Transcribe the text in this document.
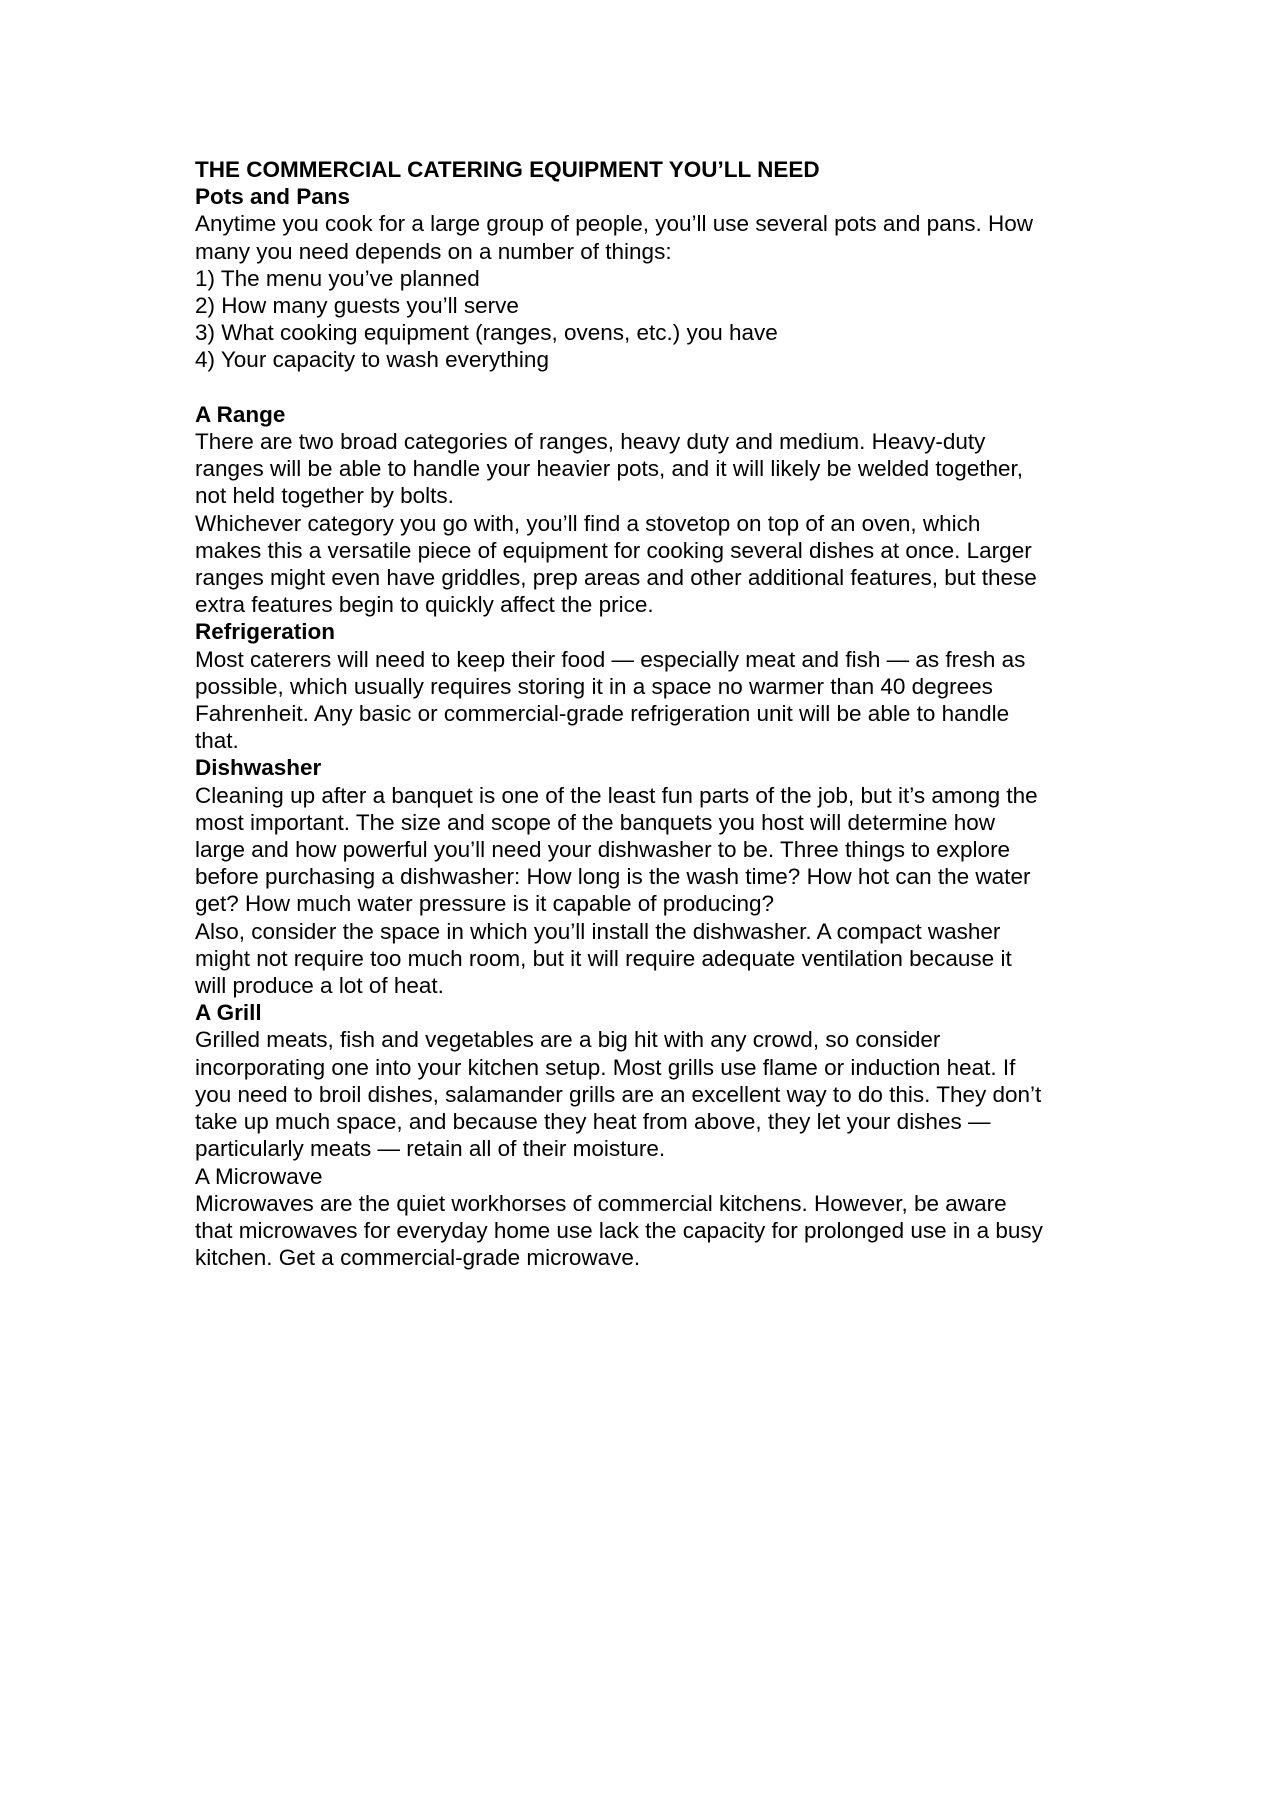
THE COMMERCIAL CATERING EQUIPMENT YOU’LL NEED
Pots and Pans
Anytime you cook for a large group of people, you’ll use several pots and pans. How
many you need depends on a number of things:
1) The menu you’ve planned
2) How many guests you’ll serve
3) What cooking equipment (ranges, ovens, etc.) you have
4) Your capacity to wash everything
A Range
There are two broad categories of ranges, heavy duty and medium. Heavy-duty
ranges will be able to handle your heavier pots, and it will likely be welded together,
not held together by bolts.
Whichever category you go with, you’ll find a stovetop on top of an oven, which
makes this a versatile piece of equipment for cooking several dishes at once. Larger
ranges might even have griddles, prep areas and other additional features, but these
extra features begin to quickly affect the price.
Refrigeration
Most caterers will need to keep their food — especially meat and fish — as fresh as
possible, which usually requires storing it in a space no warmer than 40 degrees
Fahrenheit. Any basic or commercial-grade refrigeration unit will be able to handle
that.
Dishwasher
Cleaning up after a banquet is one of the least fun parts of the job, but it’s among the
most important. The size and scope of the banquets you host will determine how
large and how powerful you’ll need your dishwasher to be. Three things to explore
before purchasing a dishwasher: How long is the wash time? How hot can the water
get? How much water pressure is it capable of producing?
Also, consider the space in which you’ll install the dishwasher. A compact washer
might not require too much room, but it will require adequate ventilation because it
will produce a lot of heat.
A Grill
Grilled meats, fish and vegetables are a big hit with any crowd, so consider
incorporating one into your kitchen setup. Most grills use flame or induction heat. If
you need to broil dishes, salamander grills are an excellent way to do this. They don’t
take up much space, and because they heat from above, they let your dishes —
particularly meats — retain all of their moisture.
A Microwave
Microwaves are the quiet workhorses of commercial kitchens. However, be aware
that microwaves for everyday home use lack the capacity for prolonged use in a busy
kitchen. Get a commercial-grade microwave.
